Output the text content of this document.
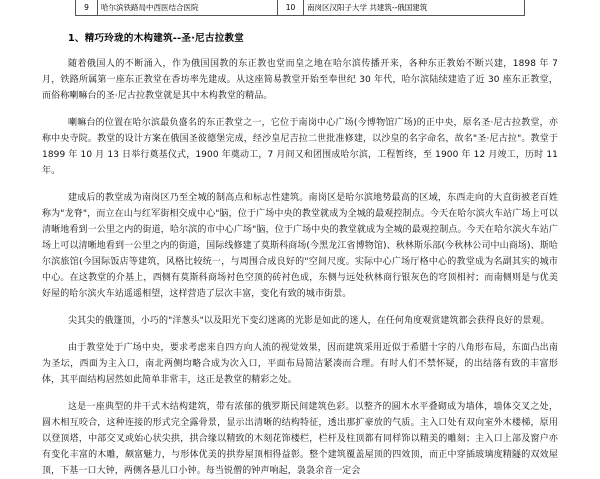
9	哈尔滨铁路局中西医结合医院	10	南岗区汉阳子大学 共建筑--俄国建筑
1、精巧玲珑的木构建筑--圣·尼古拉教堂

随着俄国人的不断涌入，作为俄国国教的东正教也堂而皇之地在哈尔滨传播开来，各种东正教始不断兴建，1898 年 7 月，铁路所属第一座东正教堂在香坊率先建成。从这座简易教堂开始至奉世纪 30 年代，哈尔滨陆续建造了近 30 座东正教堂，而俗称喇嘛台的圣·尼古拉教堂就是其中木构教堂的精品。

喇嘛台的位置在哈尔滨最负盛名的东正教堂之一，它位于南岗中心广场(今博物馆广场)的正中央，原名圣·尼古拉教堂，亦称中央寺院。教堂的设计方案在俄国圣彼德堡完成，经沙皇尼吉拉二世批准修建，以沙皇的名字命名，故名"圣·尼古拉"。教堂于 1899 年 10 月 13 日举行奠基仪式，1900 年奠动工，7 月间又和团围成哈尔滨，工程暂终，至 1900 年 12 月竣工，历时 11 年。

建成后的教堂成为南岗区乃至全城的制高点和标志性建筑。南岗区是哈尔滨地势最高的区域，东西走向的大直街被老百姓称为"龙脊"，而立在山与红军街相交成中心"脑，位于广场中央的教堂就成为全城的最观控制点。今天在哈尔滨火车站广场上可以清晰地看到一公里之内的街道，哈尔滨的市中心广场"脑，位于广场中央的教堂就成为全城的最观控制点。今天在哈尔滨火车站广场上可以清晰地看到一公里之内的街道，国际线修建了莫斯科商场(今黑龙江省博物馆)、秋林斯乐部(今秋林公司中山商场)、斯哈尔滨旅馆(今国际饭店等建筑，风格比较统一，与周围合成良好的"空间尺度。实际中心广场厅格中心的教堂成为名副其实的城市中心。在这教堂的介基上，西侧有莫斯科商场衬色空顶的砖衬色成，东侧与远处秋林商行银灰色的穹顶相衬；而南侧则是与优美好屋的哈尔滨火车站遥遥相望，这样营造了层次丰富，变化有致的城市街景。

尖其尖的俄篷顶，小巧的"洋葱头"以及阳光下变幻迷离的光影是如此的迷人，在任何角度观赏建筑都会获得良好的景观。

由于教堂处于广场中央，要求考虑来自四方向人流的视觉效果，因而建筑采用近似于希腊十字的八角形布局，东面凸出南为圣坛，西面为主入口，南北两侧均略合成为次入口，平面布局简洁紧凑而合理。有时人们不禁怀疑，的出结落有致的丰富形体，其平面结构居然如此简单非常丰，这正是教堂的精彩之处。

这是一座典型的井干式木结构建筑，带有浓郁的俄罗斯民间建筑色彩。以整齐的圆木水平叠砌成为墙体，墙体交叉之处，圆木相互咬合，这种连接的形式完全露骨景，显示出清晰的结构特征，透出那扩豪放的气质。主入口处有双向室外木楼梯，原用以登顶塔，中部交叉或始心状尖拱，拱合缘以精致的木刻花饰楼栏，栏杆及柱顶都有同样饰以精美的雕刻；主入口上部及窗户亦有变化丰富的木雕，颇富魅力，与形体优美的拱券屋顶相得益彰。整个建筑覆盖屋顶的四效顶，而正中穿插玻璃度精隧的双效屋顶，下基一口大钟，两侧各悬儿口小钟。每当锐僧的钟声响起，袅袅余音一定会
